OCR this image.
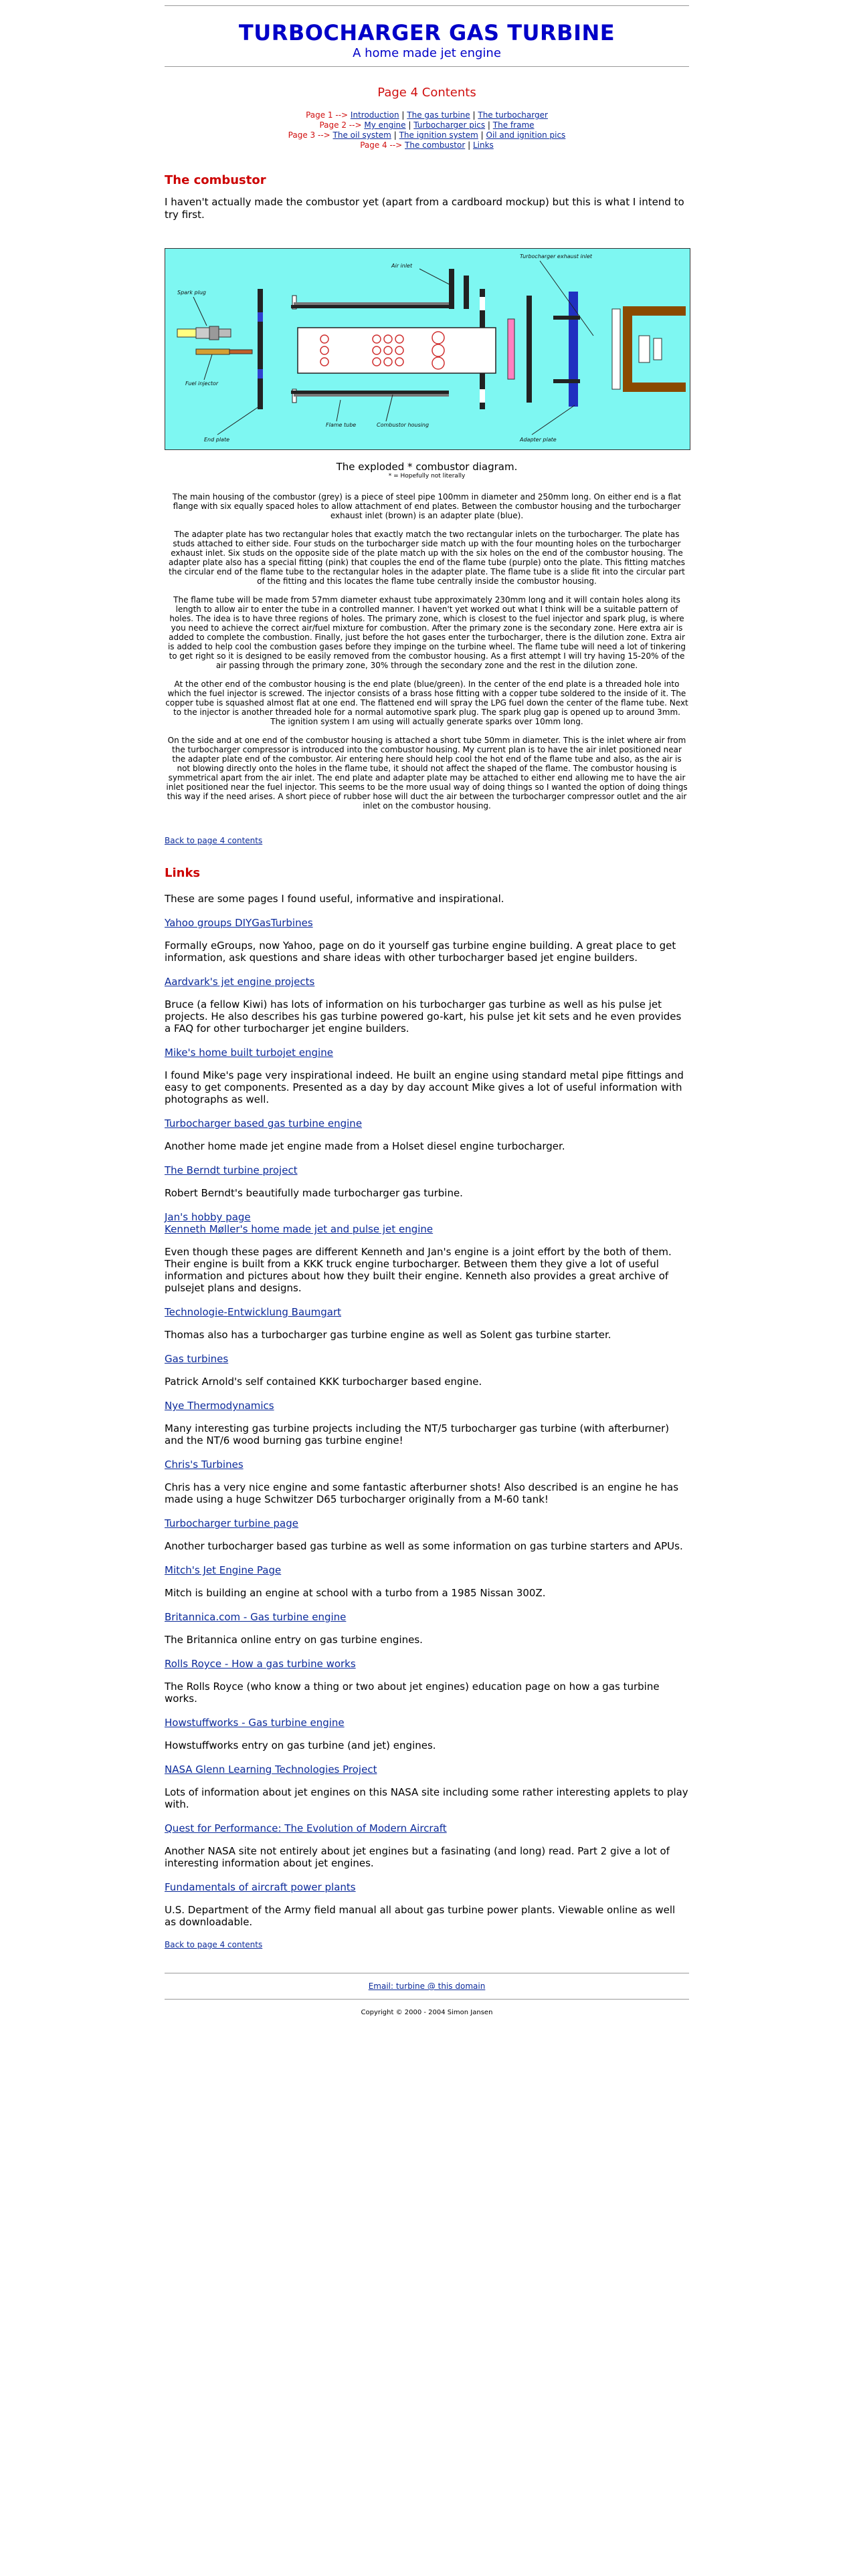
TURBOCHARGER GAS TURBINE
A home made jet engine
Page 4 Contents
Page 1 --> Introduction | The gas turbine | The turbocharger
Page 2 --> My engine | Turbocharger pics | The frame
Page 3 --> The oil system | The ignition system | Oil and ignition pics
Page 4 --> The combustor | Links
The combustor

I haven't actually made the combustor yet (apart from a cardboard mockup) but this is what I intend to try first.

Spark plug
Fuel injector
End plate
Air inlet
Flame tube	Combustor housing
Turbocharger exhaust inlet
Adapter plate

The exploded * combustor diagram.

* = Hopefully not literally

The main housing of the combustor (grey) is a piece of steel pipe 100mm in diameter and 250mm long. On either end is a flat flange with six equally spaced holes to allow attachment of end plates. Between the combustor housing and the turbocharger exhaust inlet (brown) is an adapter plate (blue).

The adapter plate has two rectangular holes that exactly match the two rectangular inlets on the turbocharger. The plate has studs attached to either side. Four studs on the turbocharger side match up with the four mounting holes on the turbocharger exhaust inlet. Six studs on the opposite side of the plate match up with the six holes on the end of the combustor housing. The adapter plate also has a special fitting (pink) that couples the end of the flame tube (purple) onto the plate. This fitting matches the circular end of the flame tube to the rectangular holes in the adapter plate. The flame tube is a slide fit into the circular part of the fitting and this locates the flame tube centrally inside the combustor housing.

The flame tube will be made from 57mm diameter exhaust tube approximately 230mm long and it will contain holes along its length to allow air to enter the tube in a controlled manner. I haven't yet worked out what I think will be a suitable pattern of holes. The idea is to have three regions of holes. The primary zone, which is closest to the fuel injector and spark plug, is where you need to achieve the correct air/fuel mixture for combustion. After the primary zone is the secondary zone. Here extra air is added to complete the combustion. Finally, just before the hot gases enter the turbocharger, there is the dilution zone. Extra air is added to help cool the combustion gases before they impinge on the turbine wheel. The flame tube will need a lot of tinkering to get right so it is designed to be easily removed from the combustor housing. As a first attempt I will try having 15-20% of the air passing through the primary zone, 30% through the secondary zone and the rest in the dilution zone.

At the other end of the combustor housing is the end plate (blue/green). In the center of the end plate is a threaded hole into which the fuel injector is screwed. The injector consists of a brass hose fitting with a copper tube soldered to the inside of it. The copper tube is squashed almost flat at one end. The flattened end will spray the LPG fuel down the center of the flame tube. Next to the injector is another threaded hole for a normal automotive spark plug. The spark plug gap is opened up to around 3mm. The ignition system I am using will actually generate sparks over 10mm long.

On the side and at one end of the combustor housing is attached a short tube 50mm in diameter. This is the inlet where air from the turbocharger compressor is introduced into the combustor housing. My current plan is to have the air inlet positioned near the adapter plate end of the combustor. Air entering here should help cool the hot end of the flame tube and also, as the air is not blowing directly onto the holes in the flame tube, it should not affect the shaped of the flame. The combustor housing is symmetrical apart from the air inlet. The end plate and adapter plate may be attached to either end allowing me to have the air inlet positioned near the fuel injector. This seems to be the more usual way of doing things so I wanted the option of doing things this way if the need arises. A short piece of rubber hose will duct the air between the turbocharger compressor outlet and the air inlet on the combustor housing.

Back to page 4 contents
Links

These are some pages I found useful, informative and inspirational.

Yahoo groups DIYGasTurbines

Formally eGroups, now Yahoo, page on do it yourself gas turbine engine building. A great place to get information, ask questions and share ideas with other turbocharger based jet engine builders.

Aardvark's jet engine projects

Bruce (a fellow Kiwi) has lots of information on his turbocharger gas turbine as well as his pulse jet projects. He also describes his gas turbine powered go-kart, his pulse jet kit sets and he even provides a FAQ for other turbocharger jet engine builders.

Mike's home built turbojet engine

I found Mike's page very inspirational indeed. He built an engine using standard metal pipe fittings and easy to get components. Presented as a day by day account Mike gives a lot of useful information with photographs as well.

Turbocharger based gas turbine engine

Another home made jet engine made from a Holset diesel engine turbocharger.

The Berndt turbine project

Robert Berndt's beautifully made turbocharger gas turbine.

Jan's hobby page
Kenneth Møller's home made jet and pulse jet engine

Even though these pages are different Kenneth and Jan's engine is a joint effort by the both of them. Their engine is built from a KKK truck engine turbocharger. Between them they give a lot of useful information and pictures about how they built their engine. Kenneth also provides a great archive of pulsejet plans and designs.

Technologie-Entwicklung Baumgart

Thomas also has a turbocharger gas turbine engine as well as Solent gas turbine starter.

Gas turbines

Patrick Arnold's self contained KKK turbocharger based engine.

Nye Thermodynamics

Many interesting gas turbine projects including the NT/5 turbocharger gas turbine (with afterburner) and the NT/6 wood burning gas turbine engine!

Chris's Turbines

Chris has a very nice engine and some fantastic afterburner shots! Also described is an engine he has made using a huge Schwitzer D65 turbocharger originally from a M-60 tank!

Turbocharger turbine page

Another turbocharger based gas turbine as well as some information on gas turbine starters and APUs.

Mitch's Jet Engine Page

Mitch is building an engine at school with a turbo from a 1985 Nissan 300Z.

Britannica.com - Gas turbine engine

The Britannica online entry on gas turbine engines.

Rolls Royce - How a gas turbine works

The Rolls Royce (who know a thing or two about jet engines) education page on how a gas turbine works.

Howstuffworks - Gas turbine engine

Howstuffworks entry on gas turbine (and jet) engines.

NASA Glenn Learning Technologies Project

Lots of information about jet engines on this NASA site including some rather interesting applets to play with.

Quest for Performance: The Evolution of Modern Aircraft

Another NASA site not entirely about jet engines but a fasinating (and long) read. Part 2 give a lot of interesting information about jet engines.

Fundamentals of aircraft power plants

U.S. Department of the Army field manual all about gas turbine power plants. Viewable online as well as downloadable.

Back to page 4 contents

Email: turbine @ this domain

Copyright © 2000 - 2004 Simon Jansen
